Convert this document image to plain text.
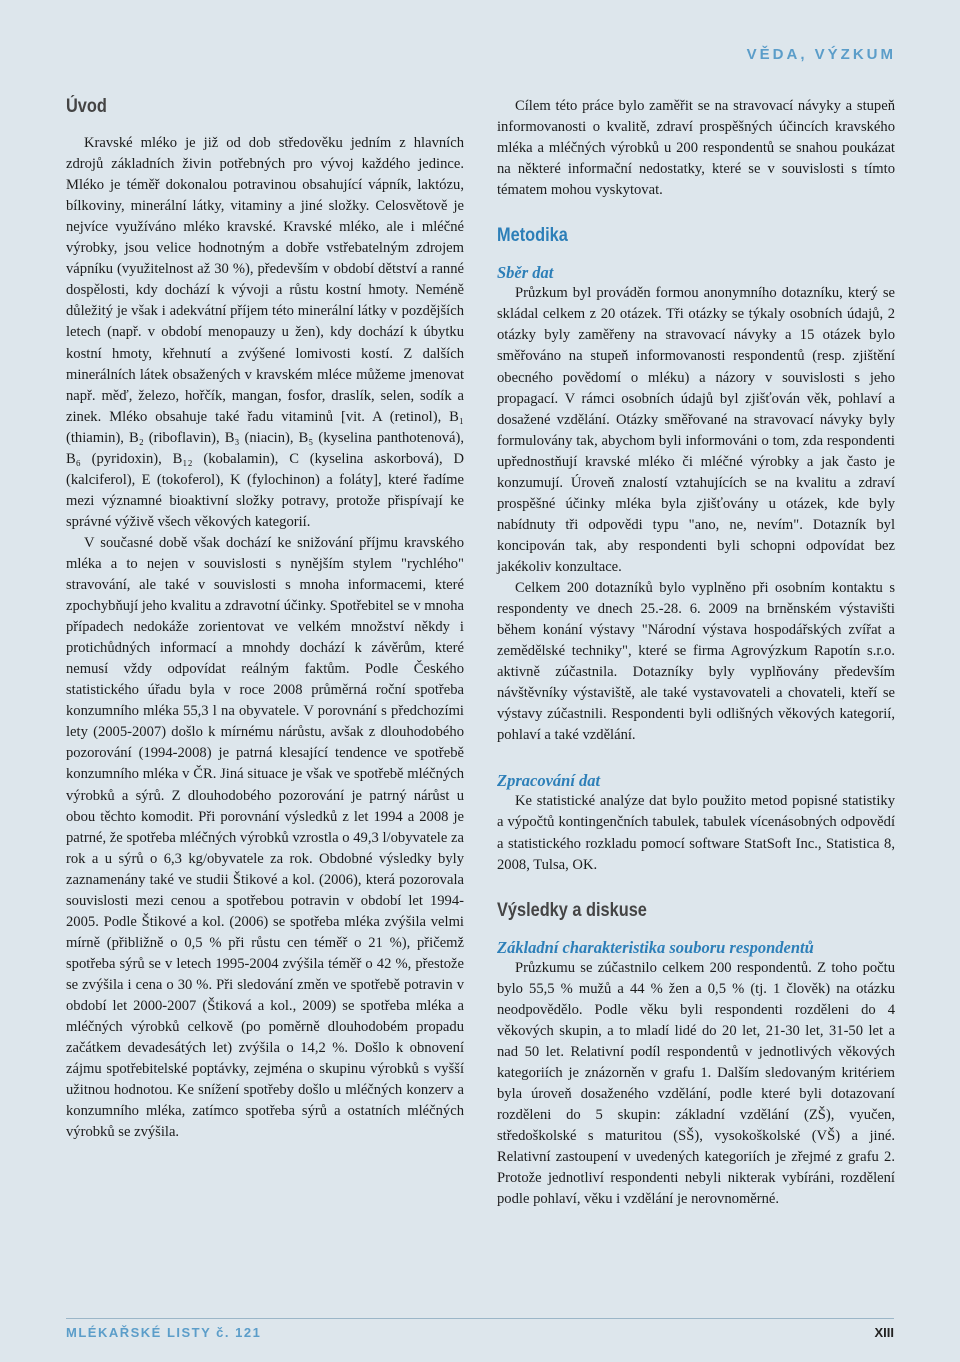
VĚDA, VÝZKUM
Úvod

Kravské mléko je již od dob středověku jedním z hlavních zdrojů základních živin potřebných pro vývoj každého jedince. Mléko je téměř dokonalou potravinou obsahující vápník, laktózu, bílkoviny, minerální látky, vitaminy a jiné složky. Celosvětově je nejvíce využíváno mléko kravské. Kravské mléko, ale i mléčné výrobky, jsou velice hodnotným a dobře vstřebatelným zdrojem vápníku (využitelnost až 30 %), především v období dětství a ranné dospělosti, kdy dochází k vývoji a růstu kostní hmoty. Neméně důležitý je však i adekvátní příjem této minerální látky v pozdějších letech (např. v období menopauzy u žen), kdy dochází k úbytku kostní hmoty, křehnutí a zvýšené lomivosti kostí. Z dalších minerálních látek obsažených v kravském mléce můžeme jmenovat např. měď, železo, hořčík, mangan, fosfor, draslík, selen, sodík a zinek. Mléko obsahuje také řadu vitaminů [vit. A (retinol), B₁ (thiamin), B₂ (riboflavin), B₃ (niacin), B₅ (kyselina panthotenová), B₆ (pyridoxin), B₁₂ (kobalamin), C (kyselina askorbová), D (kalciferol), E (tokoferol), K (fylochinon) a foláty], které řadíme mezi významné bioaktivní složky potravy, protože přispívají ke správné výživě všech věkových kategorií.

V současné době však dochází ke snižování příjmu kravského mléka a to nejen v souvislosti s nynějším stylem "rychlého" stravování, ale také v souvislosti s mnoha informacemi, které zpochybňují jeho kvalitu a zdravotní účinky. Spotřebitel se v mnoha případech nedokáže zorientovat ve velkém množství někdy i protichůdných informací a mnohdy dochází k závěrům, které nemusí vždy odpovídat reálným faktům. Podle Českého statistického úřadu byla v roce 2008 průměrná roční spotřeba konzumního mléka 55,3 l na obyvatele. V porovnání s předchozími lety (2005-2007) došlo k mírnému nárůstu, avšak z dlouhodobého pozorování (1994-2008) je patrná klesající tendence ve spotřebě konzumního mléka v ČR. Jiná situace je však ve spotřebě mléčných výrobků a sýrů. Z dlouhodobého pozorování je patrný nárůst u obou těchto komodit. Při porovnání výsledků z let 1994 a 2008 je patrné, že spotřeba mléčných výrobků vzrostla o 49,3 l/obyvatele za rok a u sýrů o 6,3 kg/obyvatele za rok. Obdobné výsledky byly zaznamenány také ve studii Štikové a kol. (2006), která pozorovala souvislosti mezi cenou a spotřebou potravin v období let 1994-2005. Podle Štikové a kol. (2006) se spotřeba mléka zvýšila velmi mírně (přibližně o 0,5 % při růstu cen téměř o 21 %), přičemž spotřeba sýrů se v letech 1995-2004 zvýšila téměř o 42 %, přestože se zvýšila i cena o 30 %. Při sledování změn ve spotřebě potravin v období let 2000-2007 (Štiková a kol., 2009) se spotřeba mléka a mléčných výrobků celkově (po poměrně dlouhodobém propadu začátkem devadesátých let) zvýšila o 14,2 %. Došlo k obnovení zájmu spotřebitelské poptávky, zejména o skupinu výrobků s vyšší užitnou hodnotou. Ke snížení spotřeby došlo u mléčných konzerv a konzumního mléka, zatímco spotřeba sýrů a ostatních mléčných výrobků se zvýšila.

Cílem této práce bylo zaměřit se na stravovací návyky a stupeň informovanosti o kvalitě, zdraví prospěšných účincích kravského mléka a mléčných výrobků u 200 respondentů se snahou poukázat na některé informační nedostatky, které se v souvislosti s tímto tématem mohou vyskytovat.

Metodika
Sběr dat

Průzkum byl prováděn formou anonymního dotazníku, který se skládal celkem z 20 otázek. Tři otázky se týkaly osobních údajů, 2 otázky byly zaměřeny na stravovací návyky a 15 otázek bylo směřováno na stupeň informovanosti respondentů (resp. zjištění obecného povědomí o mléku) a názory v souvislosti s jeho propagací. V rámci osobních údajů byl zjišťován věk, pohlaví a dosažené vzdělání. Otázky směřované na stravovací návyky byly formulovány tak, abychom byli informováni o tom, zda respondenti upřednostňují kravské mléko či mléčné výrobky a jak často je konzumují. Úroveň znalostí vztahujících se na kvalitu a zdraví prospěšné účinky mléka byla zjišťovány u otázek, kde byly nabídnuty tři odpovědi typu "ano, ne, nevím". Dotazník byl koncipován tak, aby respondenti byli schopni odpovídat bez jakékoliv konzultace.

Celkem 200 dotazníků bylo vyplněno při osobním kontaktu s respondenty ve dnech 25.-28. 6. 2009 na brněnském výstavišti během konání výstavy "Národní výstava hospodářských zvířat a zemědělské techniky", které se firma Agrovýzkum Rapotín s.r.o. aktivně zúčastnila. Dotazníky byly vyplňovány především návštěvníky výstaviště, ale také vystavovateli a chovateli, kteří se výstavy zúčastnili. Respondenti byli odlišných věkových kategorií, pohlaví a také vzdělání.

Zpracování dat

Ke statistické analýze dat bylo použito metod popisné statistiky a výpočtů kontingenčních tabulek, tabulek vícenásobných odpovědí a statistického rozkladu pomocí software StatSoft Inc., Statistica 8, 2008, Tulsa, OK.

Výsledky a diskuse
Základní charakteristika souboru respondentů

Průzkumu se zúčastnilo celkem 200 respondentů. Z toho počtu bylo 55,5 % mužů a 44 % žen a 0,5 % (tj. 1 člověk) na otázku neodpovědělo. Podle věku byli respondenti rozděleni do 4 věkových skupin, a to mladí lidé do 20 let, 21-30 let, 31-50 let a nad 50 let. Relativní podíl respondentů v jednotlivých věkových kategoriích je znázorněn v grafu 1. Dalším sledovaným kritériem byla úroveň dosaženého vzdělání, podle které byli dotazovaní rozděleni do 5 skupin: základní vzdělání (ZŠ), vyučen, středoškolské s maturitou (SŠ), vysokoškolské (VŠ) a jiné. Relativní zastoupení v uvedených kategoriích je zřejmé z grafu 2. Protože jednotliví respondenti nebyli nikterak vybíráni, rozdělení podle pohlaví, věku i vzdělání je nerovnoměrné.

MLÉKAŘSKÉ LISTY č. 121	XIII
